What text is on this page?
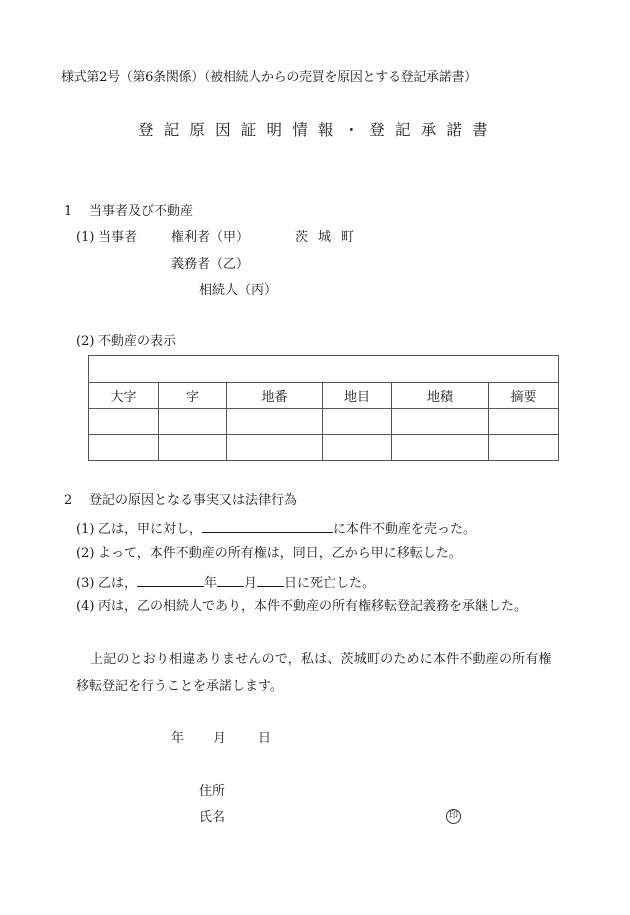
様式第2号（第6条関係）（被相続人からの売買を原因とする登記承諾書）
登記原因証明情報・登記承諾書
1 当事者及び不動産
(1) 当事者	権利者（甲）	茨城町
義務者（乙）
相続人（丙）
(2) 不動産の表示

大字	字	地番	地目	地積	摘要

2 登記の原因となる事実又は法律行為
(1) 乙は，甲に対し，	に本件不動産を売った。
(2) よって，本件不動産の所有権は，同日，乙から甲に移転した。
(3) 乙は，	年 月 日に死亡した。
(4) 丙は，乙の相続人であり，本件不動産の所有権移転登記義務を承継した。
上記のとおり相違ありませんので，私は、茨城町のために本件不動産の所有権
移転登記を行うことを承諾します。
年 月 日
住所
氏名	印
